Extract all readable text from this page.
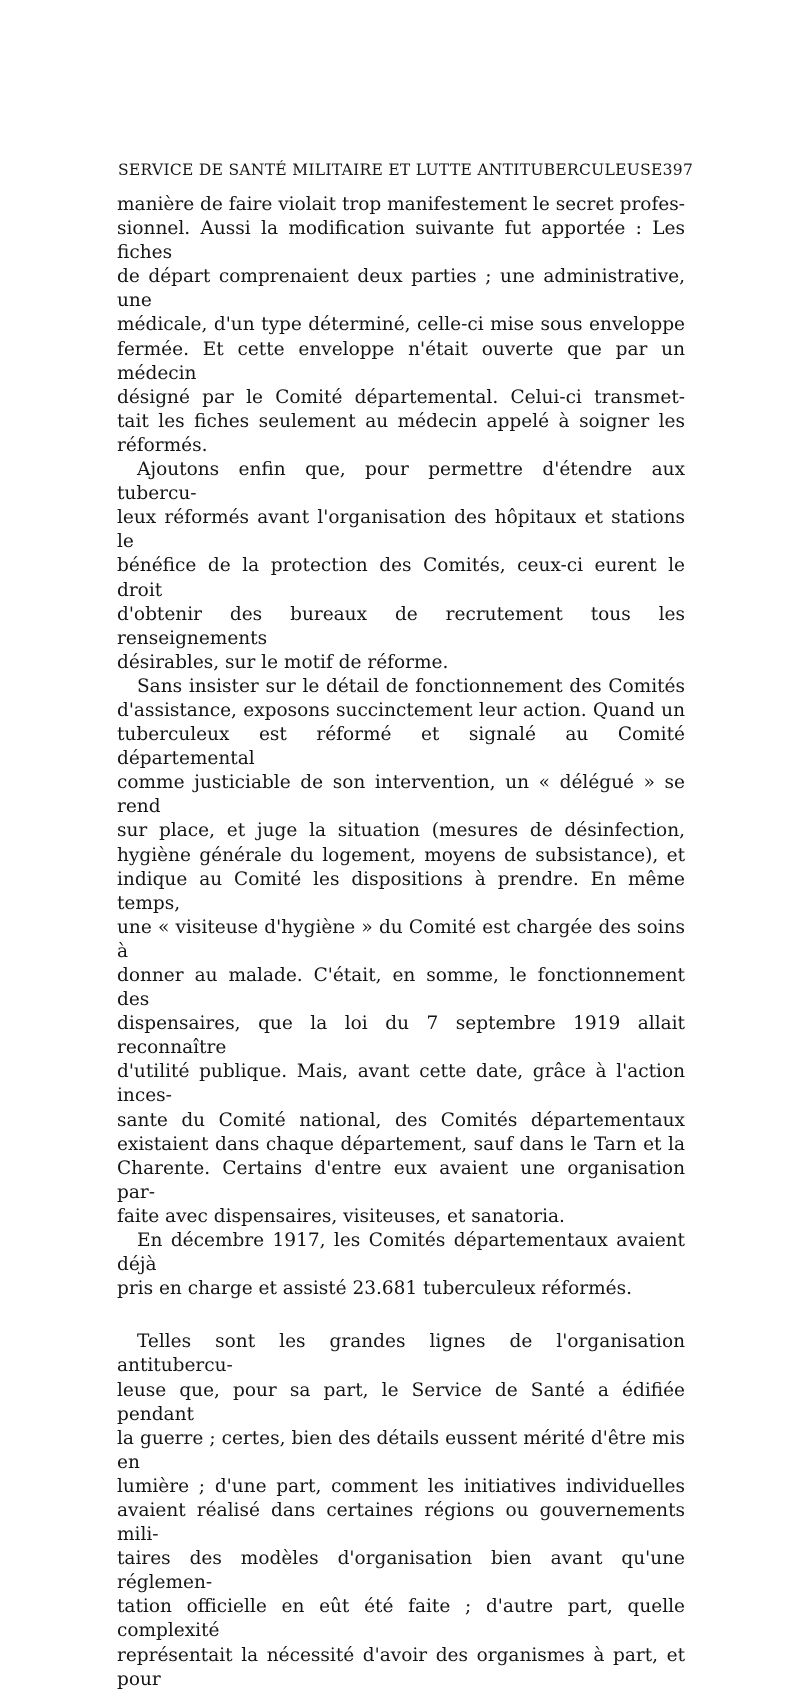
SERVICE DE SANTÉ MILITAIRE ET LUTTE ANTITUBERCULEUSE 397

manière de faire violait trop manifestement le secret profes-

sionnel. Aussi la modification suivante fut apportée : Les fiches

de départ comprenaient deux parties ; une administrative, une

médicale, d'un type déterminé, celle-ci mise sous enveloppe

fermée. Et cette enveloppe n'était ouverte que par un médecin

désigné par le Comité départemental. Celui-ci transmet-

tait les fiches seulement au médecin appelé à soigner les

réformés.

Ajoutons enfin que, pour permettre d'étendre aux tubercu-

leux réformés avant l'organisation des hôpitaux et stations le

bénéfice de la protection des Comités, ceux-ci eurent le droit

d'obtenir des bureaux de recrutement tous les renseignements

désirables, sur le motif de réforme.

Sans insister sur le détail de fonctionnement des Comités

d'assistance, exposons succinctement leur action. Quand un

tuberculeux est réformé et signalé au Comité départemental

comme justiciable de son intervention, un « délégué » se rend

sur place, et juge la situation (mesures de désinfection,

hygiène générale du logement, moyens de subsistance), et

indique au Comité les dispositions à prendre. En même temps,

une « visiteuse d'hygiène » du Comité est chargée des soins à

donner au malade. C'était, en somme, le fonctionnement des

dispensaires, que la loi du 7 septembre 1919 allait reconnaître

d'utilité publique. Mais, avant cette date, grâce à l'action inces-

sante du Comité national, des Comités départementaux

existaient dans chaque département, sauf dans le Tarn et la

Charente. Certains d'entre eux avaient une organisation par-

faite avec dispensaires, visiteuses, et sanatoria.

En décembre 1917, les Comités départementaux avaient déjà

pris en charge et assisté 23.681 tuberculeux réformés.

Telles sont les grandes lignes de l'organisation antitubercu-

leuse que, pour sa part, le Service de Santé a édifiée pendant

la guerre ; certes, bien des détails eussent mérité d'être mis en

lumière ; d'une part, comment les initiatives individuelles

avaient réalisé dans certaines régions ou gouvernements mili-

taires des modèles d'organisation bien avant qu'une réglemen-

tation officielle en eût été faite ; d'autre part, quelle complexité

représentait la nécessité d'avoir des organismes à part, et pour
